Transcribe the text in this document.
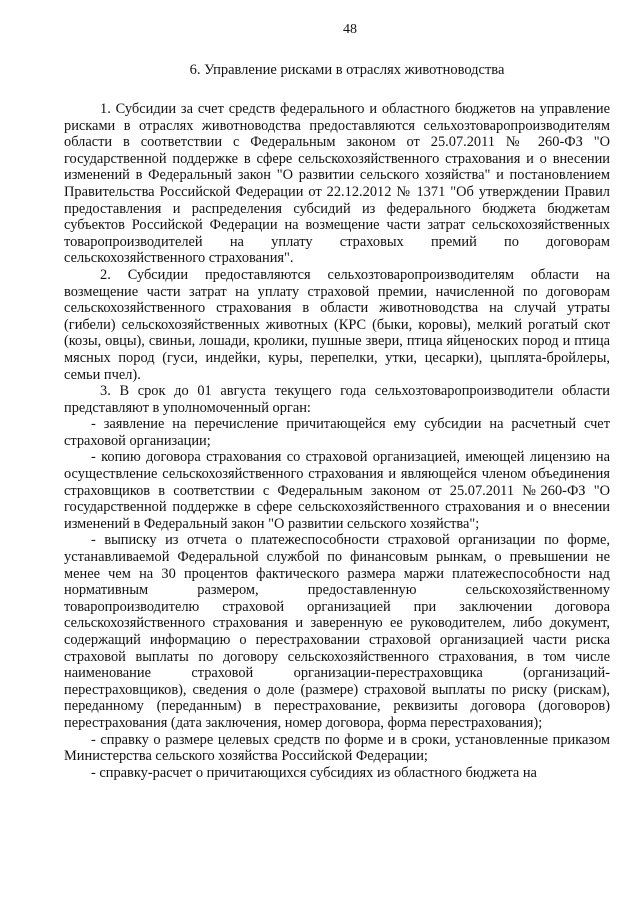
48
6. Управление рисками в отраслях животноводства

1. Субсидии за счет средств федерального и областного бюджетов на управление рисками в отраслях животноводства предоставляются сельхозтоваропроизводителям области в соответствии с Федеральным законом от 25.07.2011 № 260-ФЗ "О государственной поддержке в сфере сельскохозяйственного страхования и о внесении изменений в Федеральный закон "О развитии сельского хозяйства" и постановлением Правительства Российской Федерации от 22.12.2012 № 1371 "Об утверждении Правил предоставления и распределения субсидий из федерального бюджета бюджетам субъектов Российской Федерации на возмещение части затрат сельскохозяйственных товаропроизводителей на уплату страховых премий по договорам сельскохозяйственного страхования".

2. Субсидии предоставляются сельхозтоваропроизводителям области на возмещение части затрат на уплату страховой премии, начисленной по договорам сельскохозяйственного страхования в области животноводства на случай утраты (гибели) сельскохозяйственных животных (КРС (быки, коровы), мелкий рогатый скот (козы, овцы), свиньи, лошади, кролики, пушные звери, птица яйценоских пород и птица мясных пород (гуси, индейки, куры, перепелки, утки, цесарки), цыплята-бройлеры, семьи пчел).

3. В срок до 01 августа текущего года сельхозтоваропроизводители области представляют в уполномоченный орган:

- заявление на перечисление причитающейся ему субсидии на расчетный счет страховой организации;

- копию договора страхования со страховой организацией, имеющей лицензию на осуществление сельскохозяйственного страхования и являющейся членом объединения страховщиков в соответствии с Федеральным законом от 25.07.2011 №260-ФЗ "О государственной поддержке в сфере сельскохозяйственного страхования и о внесении изменений в Федеральный закон "О развитии сельского хозяйства";

- выписку из отчета о платежеспособности страховой организации по форме, устанавливаемой Федеральной службой по финансовым рынкам, о превышении не менее чем на 30 процентов фактического размера маржи платежеспособности над нормативным размером, предоставленную сельскохозяйственному товаропроизводителю страховой организацией при заключении договора сельскохозяйственного страхования и заверенную ее руководителем, либо документ, содержащий информацию о перестраховании страховой организацией части риска страховой выплаты по договору сельскохозяйственного страхования, в том числе наименование страховой организации-перестраховщика (организаций-перестраховщиков), сведения о доле (размере) страховой выплаты по риску (рискам), переданному (переданным) в перестрахование, реквизиты договора (договоров) перестрахования (дата заключения, номер договора, форма перестрахования);

- справку о размере целевых средств по форме и в сроки, установленные приказом Министерства сельского хозяйства Российской Федерации;

- справку-расчет о причитающихся субсидиях из областного бюджета на
